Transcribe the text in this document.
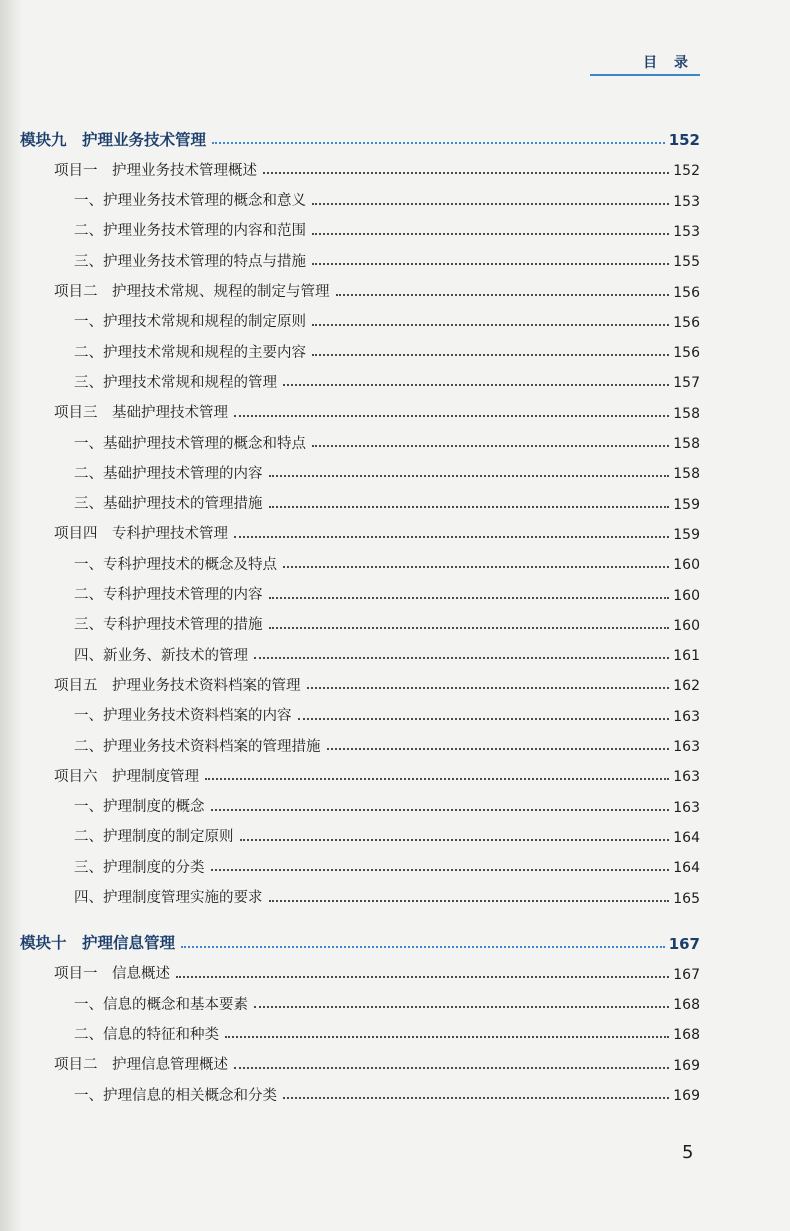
目 录
模块九　护理业务技术管理	152
项目一　护理业务技术管理概述	152
一、护理业务技术管理的概念和意义	153
二、护理业务技术管理的内容和范围	153
三、护理业务技术管理的特点与措施	155
项目二　护理技术常规、规程的制定与管理	156
一、护理技术常规和规程的制定原则	156
二、护理技术常规和规程的主要内容	156
三、护理技术常规和规程的管理	157
项目三　基础护理技术管理	158
一、基础护理技术管理的概念和特点	158
二、基础护理技术管理的内容	158
三、基础护理技术的管理措施	159
项目四　专科护理技术管理	159
一、专科护理技术的概念及特点	160
二、专科护理技术管理的内容	160
三、专科护理技术管理的措施	160
四、新业务、新技术的管理	161
项目五　护理业务技术资料档案的管理	162
一、护理业务技术资料档案的内容	163
二、护理业务技术资料档案的管理措施	163
项目六　护理制度管理	163
一、护理制度的概念	163
二、护理制度的制定原则	164
三、护理制度的分类	164
四、护理制度管理实施的要求	165
模块十　护理信息管理	167
项目一　信息概述	167
一、信息的概念和基本要素	168
二、信息的特征和种类	168
项目二　护理信息管理概述	169
一、护理信息的相关概念和分类	169
5
